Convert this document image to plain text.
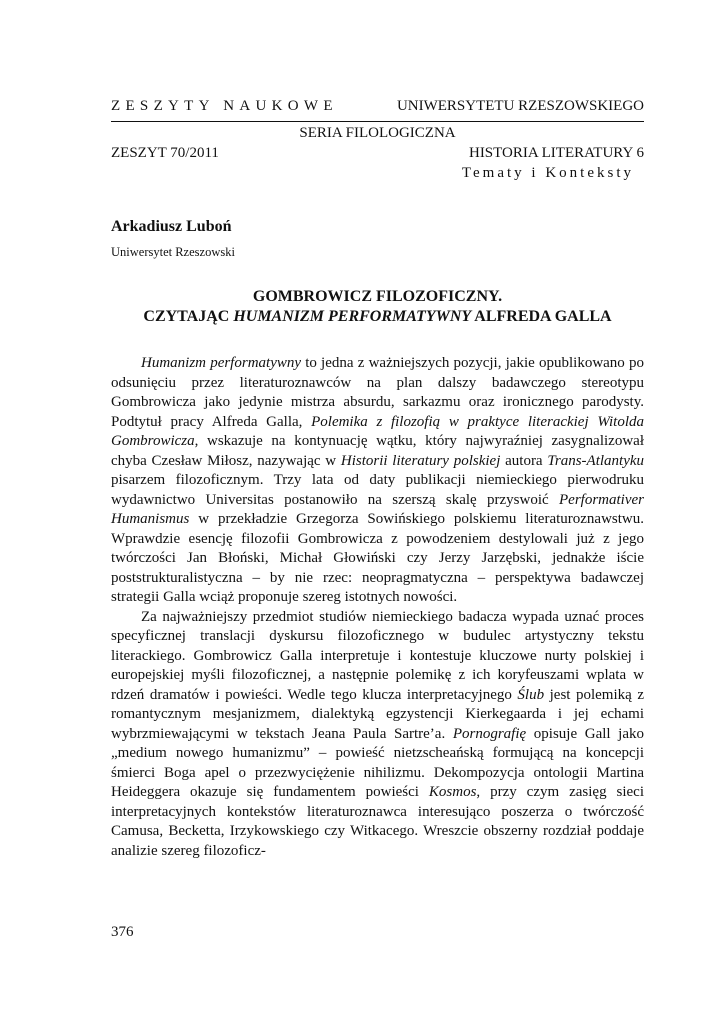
ZESZYTY NAUKOWE	UNIWERSYTETU RZESZOWSKIEGO
SERIA FILOLOGICZNA
ZESZYT 70/2011	HISTORIA LITERATURY 6
Tematy i Konteksty
Arkadiusz Luboń
Uniwersytet Rzeszowski
GOMBROWICZ FILOZOFICZNY.
CZYTAJĄC HUMANIZM PERFORMATYWNY ALFREDA GALLA

Humanizm performatywny to jedna z ważniejszych pozycji, jakie opublikowano po odsunięciu przez literaturoznawców na plan dalszy badawczego stereotypu Gombrowicza jako jedynie mistrza absurdu, sarkazmu oraz ironicznego parodysty. Podtytuł pracy Alfreda Galla, Polemika z filozofią w praktyce literackiej Witolda Gombrowicza, wskazuje na kontynuację wątku, który najwyraźniej zasygnalizował chyba Czesław Miłosz, nazywając w Historii literatury polskiej autora Trans-Atlantyku pisarzem filozoficznym. Trzy lata od daty publikacji niemieckiego pierwodruku wydawnictwo Universitas postanowiło na szerszą skalę przyswoić Performativer Humanismus w przekładzie Grzegorza Sowińskiego polskiemu literaturoznawstwu. Wprawdzie esencję filozofii Gombrowicza z powodzeniem destylowali już z jego twórczości Jan Błoński, Michał Głowiński czy Jerzy Jarzębski, jednakże iście poststrukturalistyczna – by nie rzec: neopragmatyczna – perspektywa badawczej strategii Galla wciąż proponuje szereg istotnych nowości.

Za najważniejszy przedmiot studiów niemieckiego badacza wypada uznać proces specyficznej translacji dyskursu filozoficznego w budulec artystyczny tekstu literackiego. Gombrowicz Galla interpretuje i kontestuje kluczowe nurty polskiej i europejskiej myśli filozoficznej, a następnie polemikę z ich koryfeuszami wplata w rdzeń dramatów i powieści. Wedle tego klucza interpretacyjnego Ślub jest polemiką z romantycznym mesjanizmem, dialektyką egzystencji Kierkegaarda i jej echami wybrzmiewającymi w tekstach Jeana Paula Sartre’a. Pornografię opisuje Gall jako „medium nowego humanizmu” – powieść nietzscheańską formującą na koncepcji śmierci Boga apel o przezwyciężenie nihilizmu. Dekompozycja ontologii Martina Heideggera okazuje się fundamentem powieści Kosmos, przy czym zasięg sieci interpretacyjnych kontekstów literaturoznawca interesująco poszerza o twórczość Camusa, Becketta, Irzykowskiego czy Witkacego. Wreszcie obszerny rozdział poddaje analizie szereg filozoficz-

376
